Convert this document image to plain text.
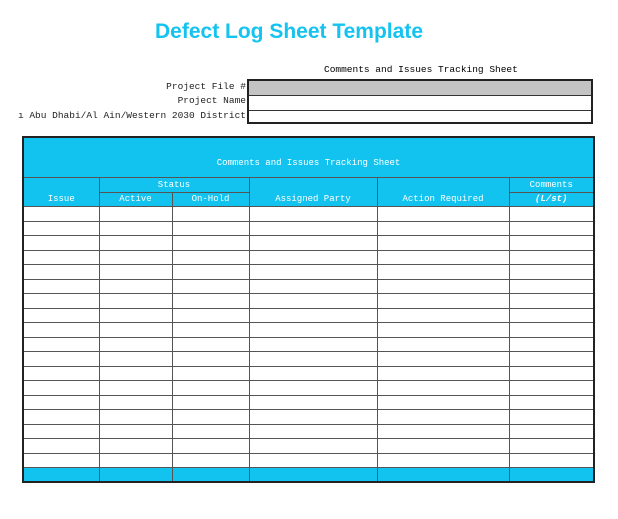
Defect Log Sheet Template
Comments and Issues Tracking Sheet
Project File #
Project Name
ı Abu Dhabi/Al Ain/Western 2030 District
Comments and Issues Tracking Sheet					
Issue	Status		Assigned Party	Action Required	Comments
	Active	On-Hold			(L/st)
